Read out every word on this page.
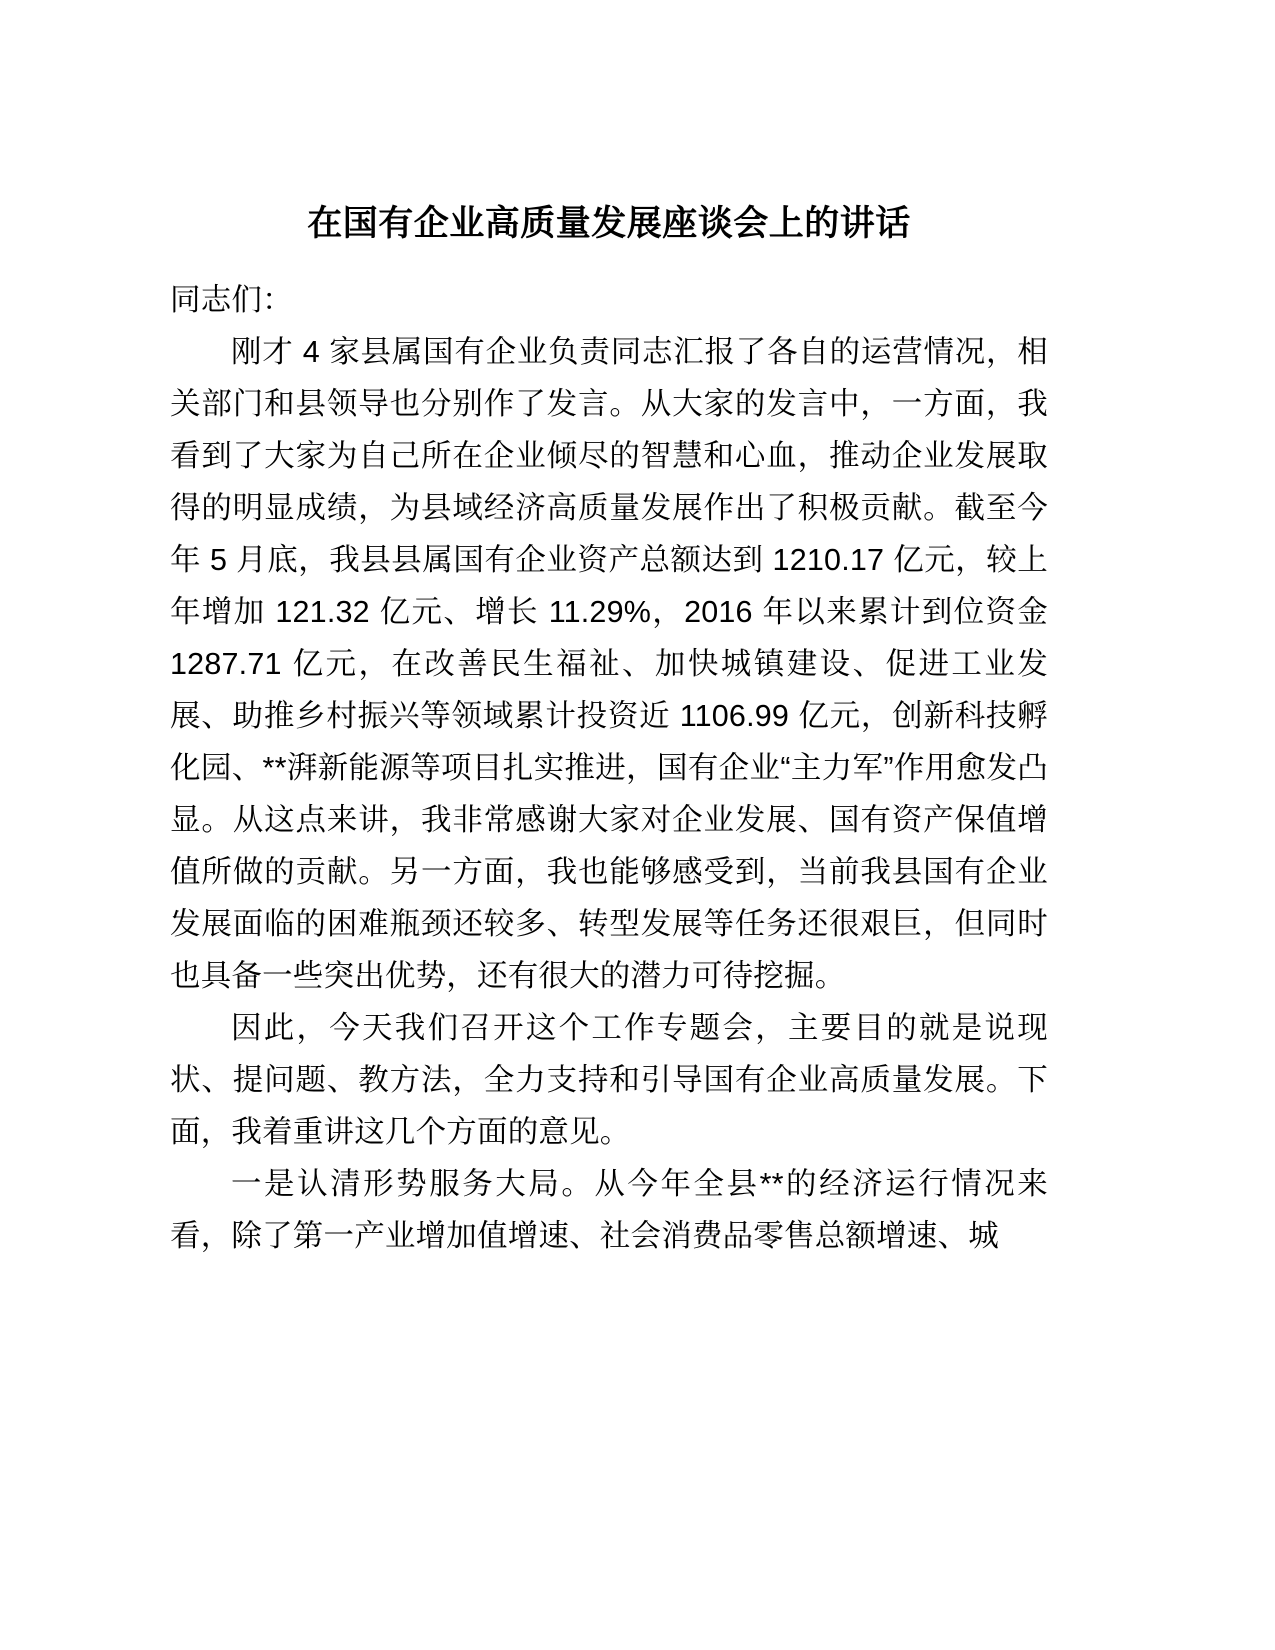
在国有企业高质量发展座谈会上的讲话

同志们：

刚才 4 家县属国有企业负责同志汇报了各自的运营情况，相关部门和县领导也分别作了发言。从大家的发言中，一方面，我看到了大家为自己所在企业倾尽的智慧和心血，推动企业发展取得的明显成绩，为县域经济高质量发展作出了积极贡献。截至今年 5 月底，我县县属国有企业资产总额达到 1210.17 亿元，较上年增加 121.32 亿元、增长 11.29%，2016 年以来累计到位资金 1287.71 亿元，在改善民生福祉、加快城镇建设、促进工业发展、助推乡村振兴等领域累计投资近 1106.99 亿元，创新科技孵化园、**湃新能源等项目扎实推进，国有企业“主力军”作用愈发凸显。从这点来讲，我非常感谢大家对企业发展、国有资产保值增值所做的贡献。另一方面，我也能够感受到，当前我县国有企业发展面临的困难瓶颈还较多、转型发展等任务还很艰巨，但同时也具备一些突出优势，还有很大的潜力可待挖掘。

因此，今天我们召开这个工作专题会，主要目的就是说现状、提问题、教方法，全力支持和引导国有企业高质量发展。下面，我着重讲这几个方面的意见。

一是认清形势服务大局。从今年全县**的经济运行情况来看，除了第一产业增加值增速、社会消费品零售总额增速、城
